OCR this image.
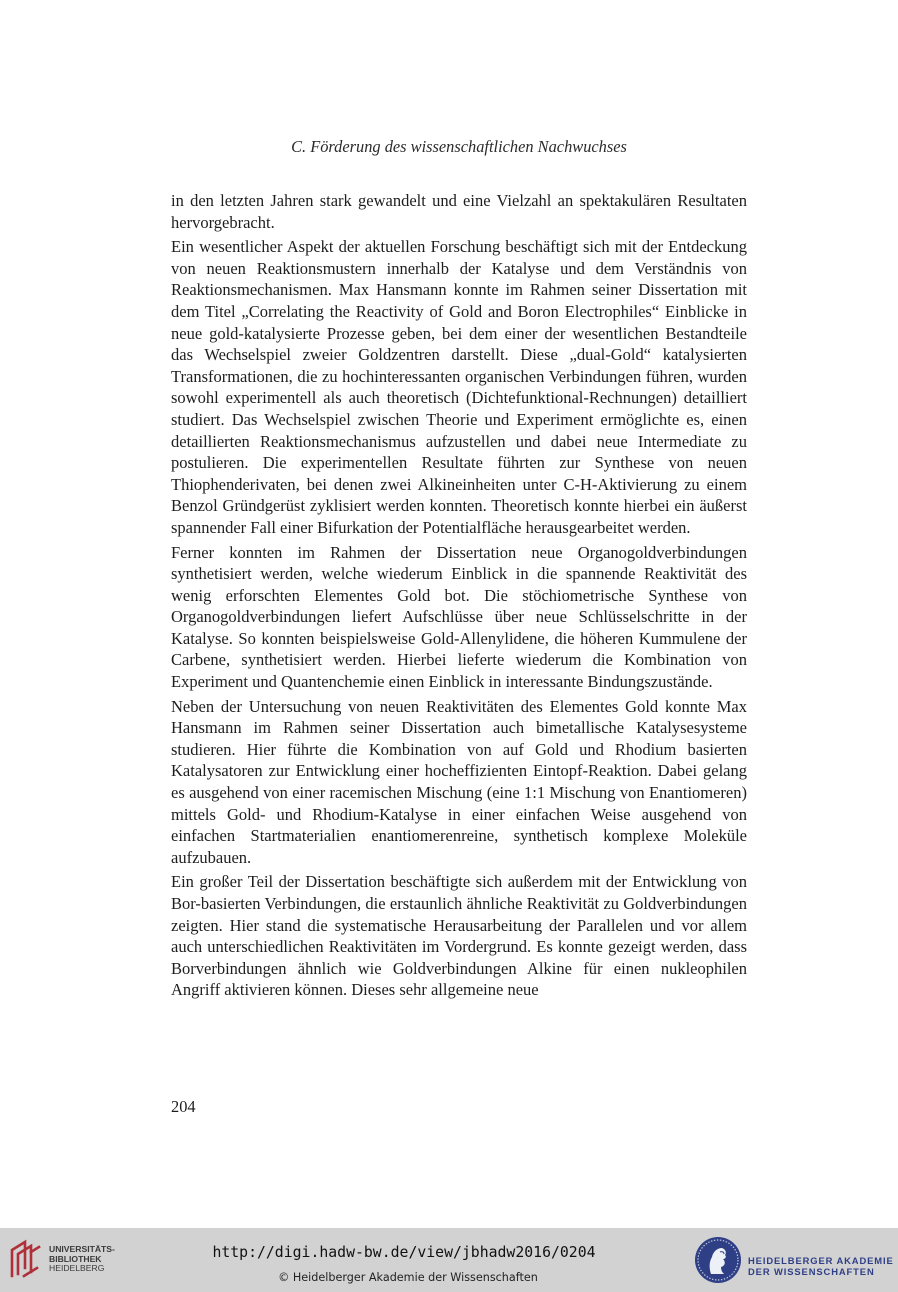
C. Förderung des wissenschaftlichen Nachwuchses

in den letzten Jahren stark gewandelt und eine Vielzahl an spektakulären Resultaten hervorgebracht.

Ein wesentlicher Aspekt der aktuellen Forschung beschäftigt sich mit der Entdeckung von neuen Reaktionsmustern innerhalb der Katalyse und dem Verständnis von Reaktionsmechanismen. Max Hansmann konnte im Rahmen seiner Dissertation mit dem Titel „Correlating the Reactivity of Gold and Boron Electrophiles“ Einblicke in neue gold-katalysierte Prozesse geben, bei dem einer der wesentlichen Bestandteile das Wechselspiel zweier Goldzentren darstellt. Diese „dual-Gold“ katalysierten Transformationen, die zu hochinteressanten organischen Verbindungen führen, wurden sowohl experimentell als auch theoretisch (Dichtefunktional-Rechnungen) detailliert studiert. Das Wechselspiel zwischen Theorie und Experiment ermöglichte es, einen detaillierten Reaktionsmechanismus aufzustellen und dabei neue Intermediate zu postulieren. Die experimentellen Resultate führten zur Synthese von neuen Thiophenderivaten, bei denen zwei Alkineinheiten unter C-H-Aktivierung zu einem Benzol Gründgerüst zyklisiert werden konnten. Theoretisch konnte hierbei ein äußerst spannender Fall einer Bifurkation der Potentialfläche herausgearbeitet werden.

Ferner konnten im Rahmen der Dissertation neue Organogoldverbindungen synthetisiert werden, welche wiederum Einblick in die spannende Reaktivität des wenig erforschten Elementes Gold bot. Die stöchiometrische Synthese von Organogoldverbindungen liefert Aufschlüsse über neue Schlüsselschritte in der Katalyse. So konnten beispielsweise Gold-Allenylidene, die höheren Kummulene der Carbene, synthetisiert werden. Hierbei lieferte wiederum die Kombination von Experiment und Quantenchemie einen Einblick in interessante Bindungszustände.

Neben der Untersuchung von neuen Reaktivitäten des Elementes Gold konnte Max Hansmann im Rahmen seiner Dissertation auch bimetallische Katalysesysteme studieren. Hier führte die Kombination von auf Gold und Rhodium basierten Katalysatoren zur Entwicklung einer hocheffizienten Eintopf-Reaktion. Dabei gelang es ausgehend von einer racemischen Mischung (eine 1:1 Mischung von Enantiomeren) mittels Gold- und Rhodium-Katalyse in einer einfachen Weise ausgehend von einfachen Startmaterialien enantiomerenreine, synthetisch komplexe Moleküle aufzubauen.

Ein großer Teil der Dissertation beschäftigte sich außerdem mit der Entwicklung von Bor-basierten Verbindungen, die erstaunlich ähnliche Reaktivität zu Goldverbindungen zeigten. Hier stand die systematische Herausarbeitung der Parallelen und vor allem auch unterschiedlichen Reaktivitäten im Vordergrund. Es konnte gezeigt werden, dass Borverbindungen ähnlich wie Goldverbindungen Alkine für einen nukleophilen Angriff aktivieren können. Dieses sehr allgemeine neue

204
UNIVERSITÄTS-
BIBLIOTHEK
HEIDELBERG
http://digi.hadw-bw.de/view/jbhadw2016/0204
© Heidelberger Akademie der Wissenschaften
HEIDELBERGER AKADEMIE
DER WISSENSCHAFTEN
